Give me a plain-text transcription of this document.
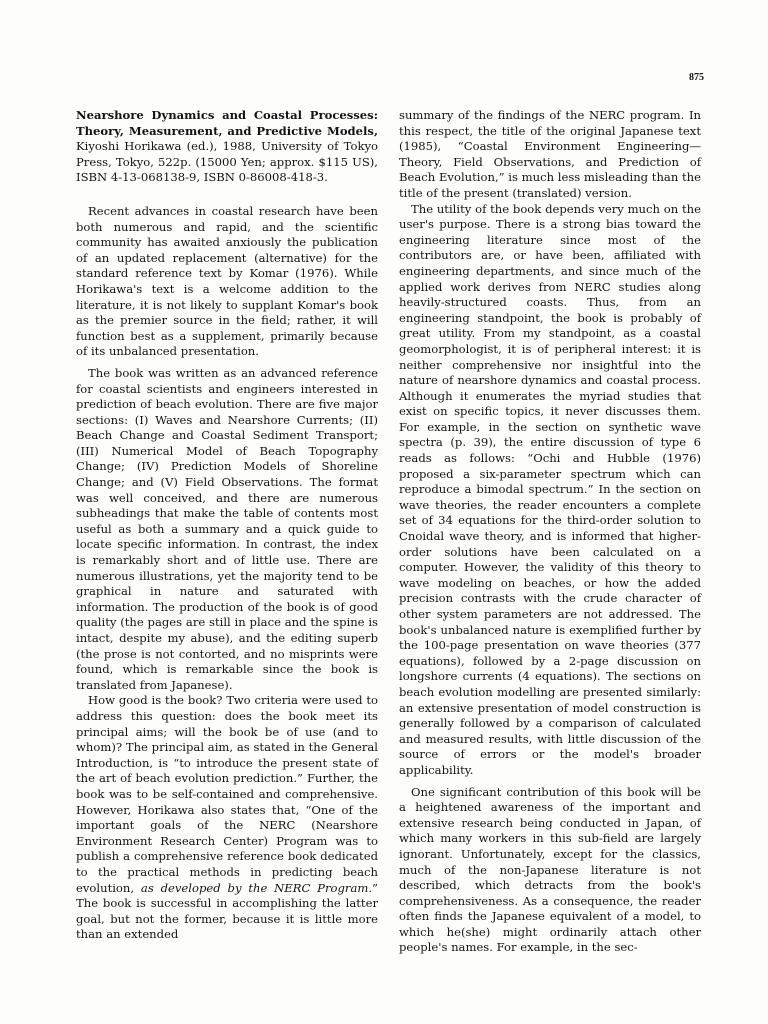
875

Nearshore Dynamics and Coastal Processes: Theory, Measurement, and Predictive Models, Kiyoshi Horikawa (ed.), 1988, University of Tokyo Press, Tokyo, 522p. (15000 Yen; approx. $115 US), ISBN 4-13-068138-9, ISBN 0-86008-418-3.

Recent advances in coastal research have been both numerous and rapid, and the scientific community has awaited anxiously the publication of an updated replacement (alternative) for the standard reference text by Komar (1976). While Horikawa's text is a welcome addition to the literature, it is not likely to supplant Komar's book as the premier source in the field; rather, it will function best as a supplement, primarily because of its unbalanced presentation.

The book was written as an advanced reference for coastal scientists and engineers interested in prediction of beach evolution. There are five major sections: (I) Waves and Nearshore Currents; (II) Beach Change and Coastal Sediment Transport; (III) Numerical Model of Beach Topography Change; (IV) Prediction Models of Shoreline Change; and (V) Field Observations. The format was well conceived, and there are numerous subheadings that make the table of contents most useful as both a summary and a quick guide to locate specific information. In contrast, the index is remarkably short and of little use. There are numerous illustrations, yet the majority tend to be graphical in nature and saturated with information. The production of the book is of good quality (the pages are still in place and the spine is intact, despite my abuse), and the editing superb (the prose is not contorted, and no misprints were found, which is remarkable since the book is translated from Japanese).

How good is the book? Two criteria were used to address this question: does the book meet its principal aims; will the book be of use (and to whom)? The principal aim, as stated in the General Introduction, is “to introduce the present state of the art of beach evolution prediction.” Further, the book was to be self-contained and comprehensive. However, Horikawa also states that, “One of the important goals of the NERC (Nearshore Environment Research Center) Program was to publish a comprehensive reference book dedicated to the practical methods in predicting beach evolution, as developed by the NERC Program.” The book is successful in accomplishing the latter goal, but not the former, because it is little more than an extended

summary of the findings of the NERC program. In this respect, the title of the original Japanese text (1985), “Coastal Environment Engineering—Theory, Field Observations, and Prediction of Beach Evolution,” is much less misleading than the title of the present (translated) version.

The utility of the book depends very much on the user's purpose. There is a strong bias toward the engineering literature since most of the contributors are, or have been, affiliated with engineering departments, and since much of the applied work derives from NERC studies along heavily-structured coasts. Thus, from an engineering standpoint, the book is probably of great utility. From my standpoint, as a coastal geomorphologist, it is of peripheral interest: it is neither comprehensive nor insightful into the nature of nearshore dynamics and coastal process. Although it enumerates the myriad studies that exist on specific topics, it never discusses them. For example, in the section on synthetic wave spectra (p. 39), the entire discussion of type 6 reads as follows: “Ochi and Hubble (1976) proposed a six-parameter spectrum which can reproduce a bimodal spectrum.” In the section on wave theories, the reader encounters a complete set of 34 equations for the third-order solution to Cnoidal wave theory, and is informed that higher-order solutions have been calculated on a computer. However, the validity of this theory to wave modeling on beaches, or how the added precision contrasts with the crude character of other system parameters are not addressed. The book's unbalanced nature is exemplified further by the 100-page presentation on wave theories (377 equations), followed by a 2-page discussion on longshore currents (4 equations). The sections on beach evolution modelling are presented similarly: an extensive presentation of model construction is generally followed by a comparison of calculated and measured results, with little discussion of the source of errors or the model's broader applicability.

One significant contribution of this book will be a heightened awareness of the important and extensive research being conducted in Japan, of which many workers in this sub-field are largely ignorant. Unfortunately, except for the classics, much of the non-Japanese literature is not described, which detracts from the book's comprehensiveness. As a consequence, the reader often finds the Japanese equivalent of a model, to which he(she) might ordinarily attach other people's names. For example, in the sec-
